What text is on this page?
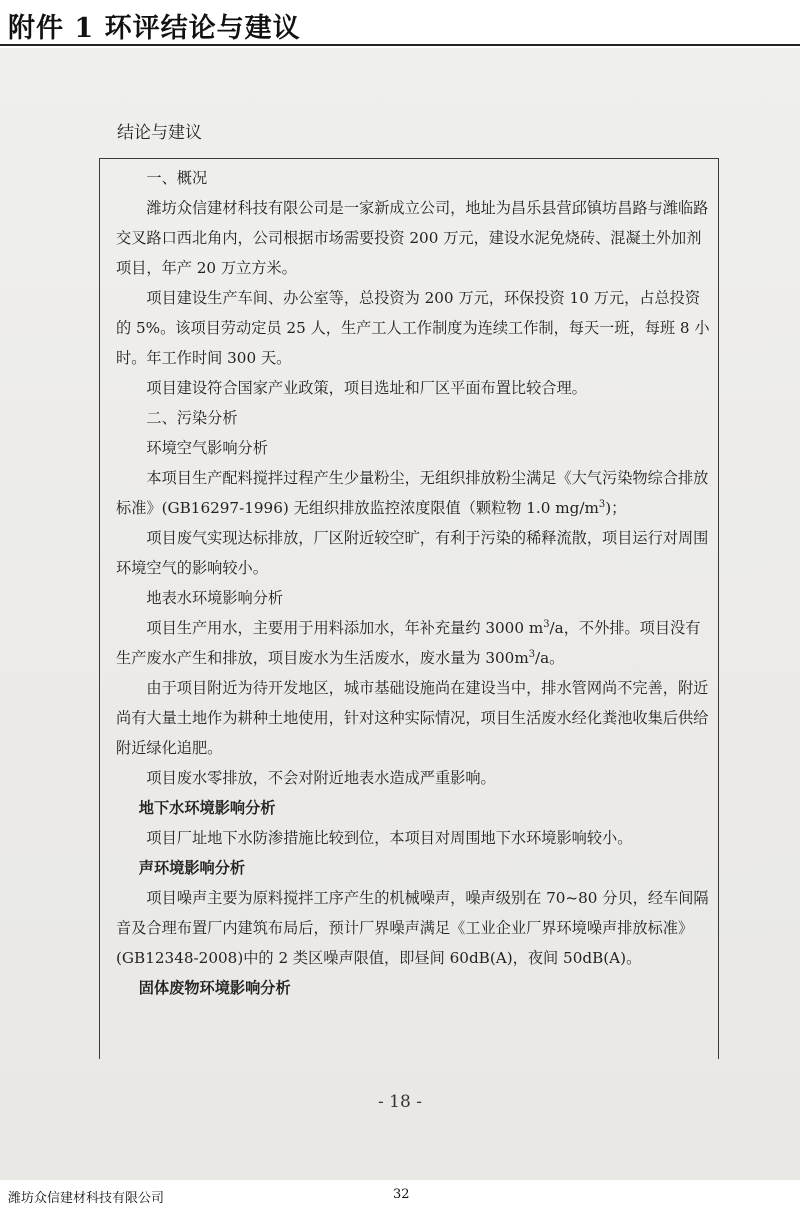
附件 1 环评结论与建议
结论与建议

一、概况

潍坊众信建材科技有限公司是一家新成立公司，地址为昌乐县营邱镇坊昌路与潍临路交叉路口西北角内，公司根据市场需要投资 200 万元，建设水泥免烧砖、混凝土外加剂项目，年产 20 万立方米。

项目建设生产车间、办公室等，总投资为 200 万元，环保投资 10 万元，占总投资的 5%。该项目劳动定员 25 人，生产工人工作制度为连续工作制，每天一班，每班 8 小时。年工作时间 300 天。

项目建设符合国家产业政策，项目选址和厂区平面布置比较合理。

二、污染分析

环境空气影响分析

本项目生产配料搅拌过程产生少量粉尘，无组织排放粉尘满足《大气污染物综合排放标准》(GB16297-1996) 无组织排放监控浓度限值（颗粒物 1.0 $mg/m^3$)；

项目废气实现达标排放，厂区附近较空旷，有利于污染的稀释流散，项目运行对周围环境空气的影响较小。

地表水环境影响分析

项目生产用水，主要用于用料添加水，年补充量约 3000 $m^3/a$，不外排。项目没有生产废水产生和排放，项目废水为生活废水，废水量为 $300m^3/a$。

由于项目附近为待开发地区，城市基础设施尚在建设当中，排水管网尚不完善，附近尚有大量土地作为耕种土地使用，针对这种实际情况，项目生活废水经化粪池收集后供给附近绿化追肥。

项目废水零排放，不会对附近地表水造成严重影响。

地下水环境影响分析

项目厂址地下水防渗措施比较到位，本项目对周围地下水环境影响较小。

声环境影响分析

项目噪声主要为原料搅拌工序产生的机械噪声，噪声级别在 70~80 分贝，经车间隔音及合理布置厂内建筑布局后，预计厂界噪声满足《工业企业厂界环境噪声排放标准》(GB12348-2008)中的 2 类区噪声限值，即昼间 60dB(A)，夜间 50dB(A)。

固体废物环境影响分析

- 18 -
潍坊众信建材科技有限公司	32
